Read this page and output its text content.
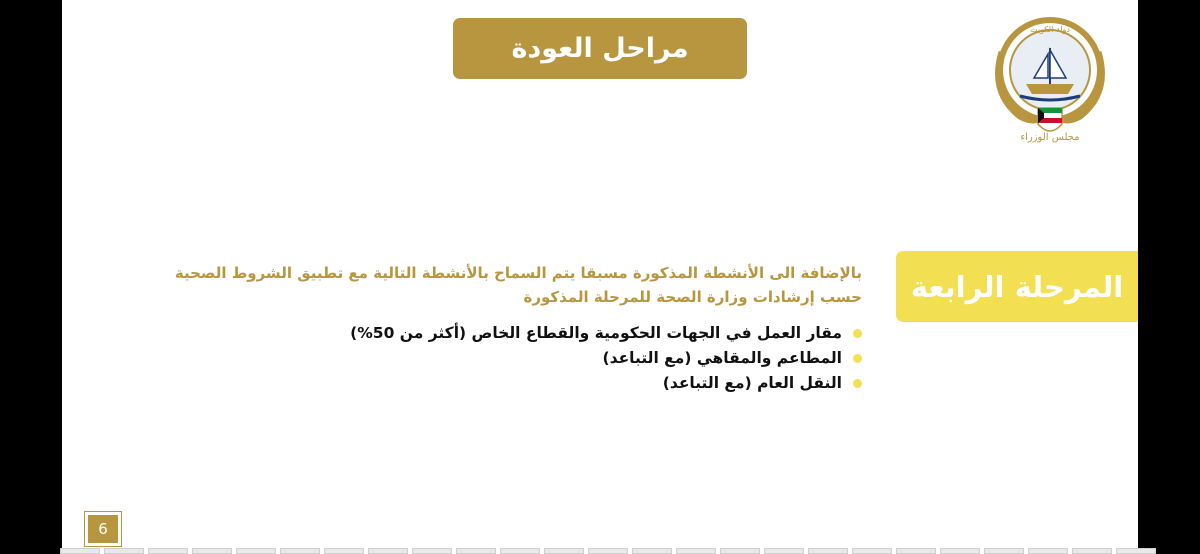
مراحل العودة
دولة الكويت
مجلس الوزراء
المرحلة الرابعة
بالإضافة الى الأنشطة المذكورة مسبقا يتم السماح بالأنشطة التالية مع تطبيق الشروط الصحية حسب إرشادات وزارة الصحة للمرحلة المذكورة
مقار العمل في الجهات الحكومية والقطاع الخاص (أكثر من 50%)
المطاعم والمقاهي (مع التباعد)
النقل العام (مع التباعد)
6
